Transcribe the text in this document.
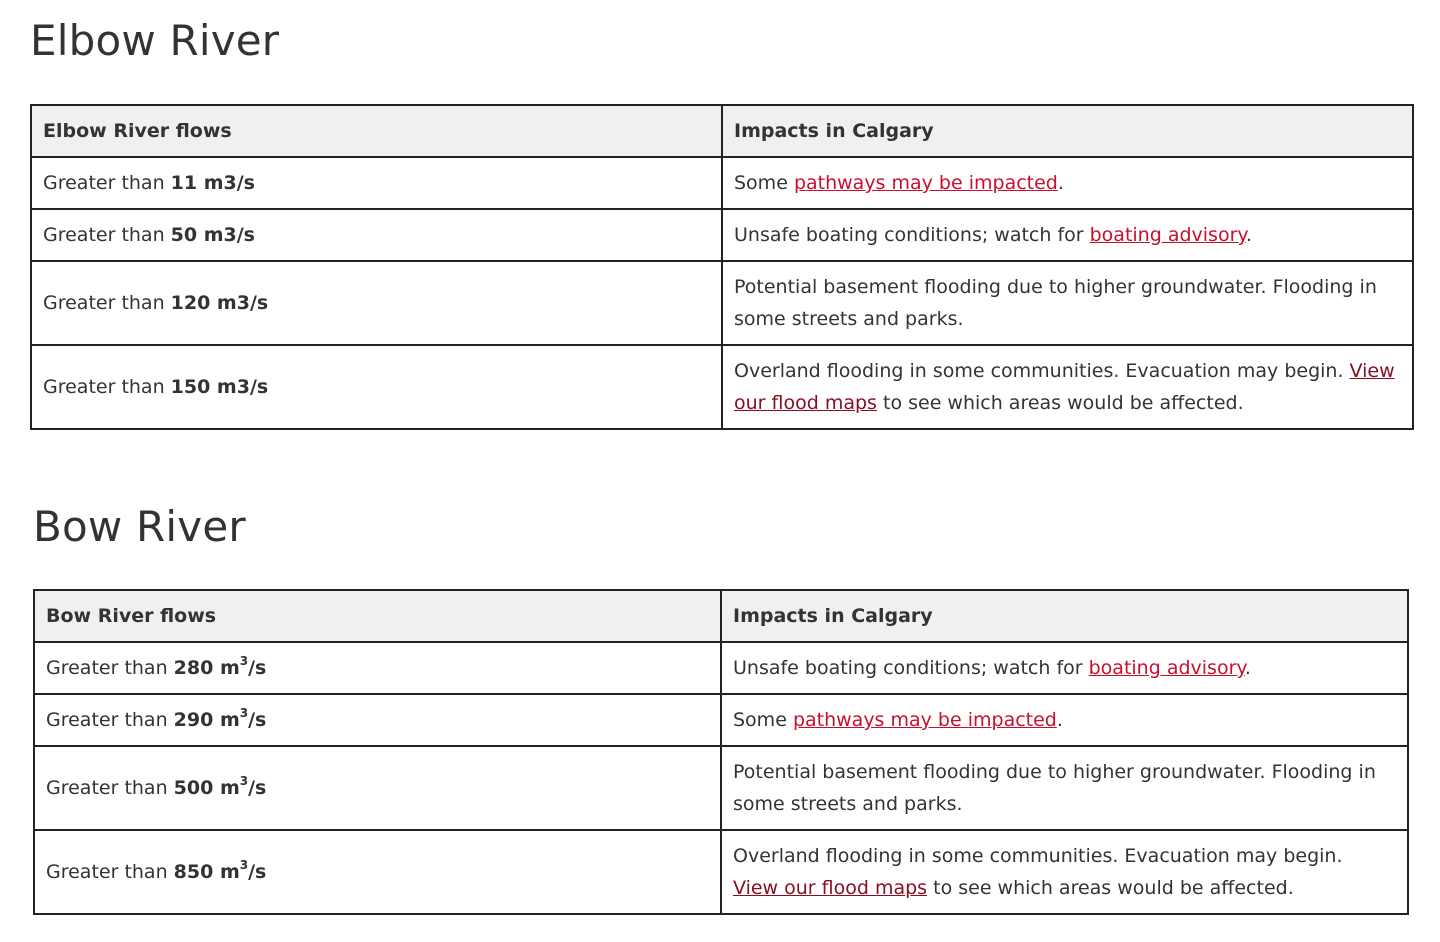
Elbow River
Elbow River flows	Impacts in Calgary
Greater than 11 m3/s	Some pathways may be impacted.
Greater than 50 m3/s	Unsafe boating conditions; watch for boating advisory.
Greater than 120 m3/s	Potential basement flooding due to higher groundwater. Flooding in some streets and parks.
Greater than 150 m3/s	Overland flooding in some communities. Evacuation may begin. View our flood maps to see which areas would be affected.
Bow River
Bow River flows	Impacts in Calgary
Greater than 280 $m^3/s$	Unsafe boating conditions; watch for boating advisory.
Greater than 290 $m^3/s$	Some pathways may be impacted.
Greater than 500 $m^3/s$	Potential basement flooding due to higher groundwater. Flooding in some streets and parks.
Greater than 850 $m^3/s$	Overland flooding in some communities. Evacuation may begin.
View our flood maps to see which areas would be affected.
